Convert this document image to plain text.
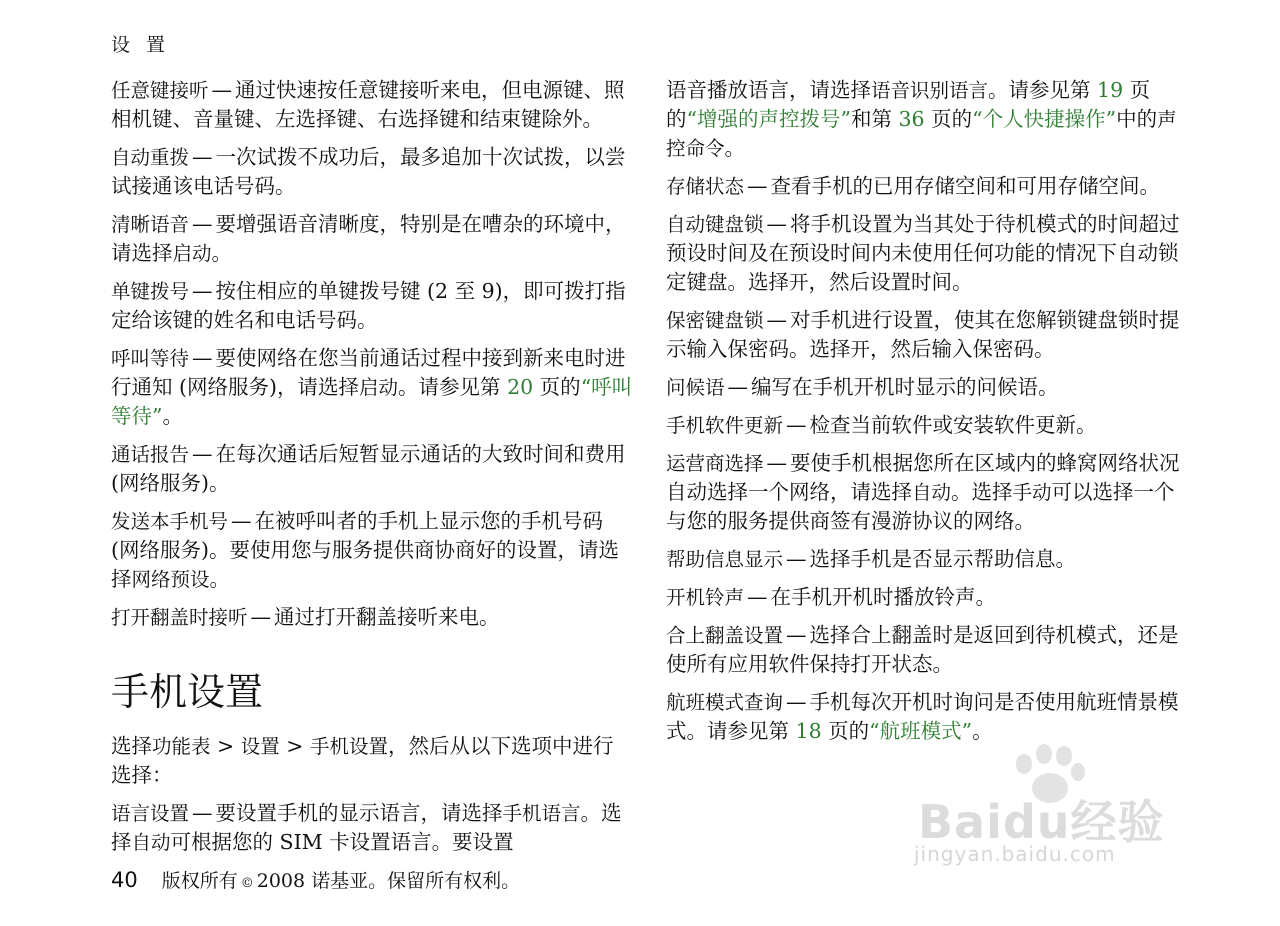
设 置

任意键接听 — 通过快速按任意键接听来电，但电源键、照相机键、音量键、左选择键、右选择键和结束键除外。

自动重拨 — 一次试拨不成功后，最多追加十次试拨，以尝试接通该电话号码。

清晰语音 — 要增强语音清晰度，特别是在嘈杂的环境中，请选择启动。

单键拨号 — 按住相应的单键拨号键 (2 至 9)，即可拨打指定给该键的姓名和电话号码。

呼叫等待 — 要使网络在您当前通话过程中接到新来电时进行通知 (网络服务)，请选择启动。请参见第 20 页的“呼叫等待”。

通话报告 — 在每次通话后短暂显示通话的大致时间和费用 (网络服务)。

发送本手机号 — 在被呼叫者的手机上显示您的手机号码 (网络服务)。要使用您与服务提供商协商好的设置，请选择网络预设。

打开翻盖时接听 — 通过打开翻盖接听来电。

手机设置

选择功能表 > 设置 > 手机设置，然后从以下选项中进行选择：

语言设置 — 要设置手机的显示语言，请选择手机语言。选择自动可根据您的 SIM 卡设置语言。要设置

语音播放语言，请选择语音识别语言。请参见第 19 页的“增强的声控拨号”和第 36 页的“个人快捷操作”中的声控命令。

存储状态 — 查看手机的已用存储空间和可用存储空间。

自动键盘锁 — 将手机设置为当其处于待机模式的时间超过预设时间及在预设时间内未使用任何功能的情况下自动锁定键盘。选择开，然后设置时间。

保密键盘锁 — 对手机进行设置，使其在您解锁键盘锁时提示输入保密码。选择开，然后输入保密码。

问候语 — 编写在手机开机时显示的问候语。

手机软件更新 — 检查当前软件或安装软件更新。

运营商选择 — 要使手机根据您所在区域内的蜂窝网络状况自动选择一个网络，请选择自动。选择手动可以选择一个与您的服务提供商签有漫游协议的网络。

帮助信息显示 — 选择手机是否显示帮助信息。

开机铃声 — 在手机开机时播放铃声。

合上翻盖设置 — 选择合上翻盖时是返回到待机模式，还是使所有应用软件保持打开状态。

航班模式查询 — 手机每次开机时询问是否使用航班情景模式。请参见第 18 页的“航班模式”。

40 版权所有 © 2008 诺基亚。保留所有权利。
Baidu经验
jingyan.baidu.com
